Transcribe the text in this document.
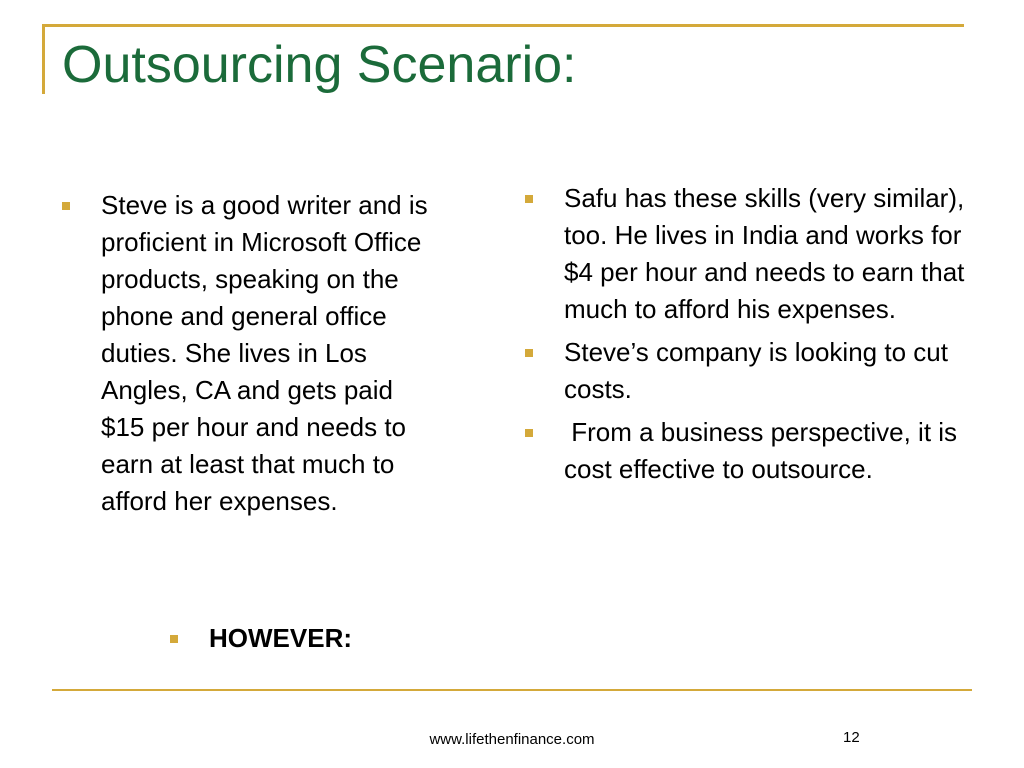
Outsourcing Scenario:
Steve is a good writer and is proficient in Microsoft Office products, speaking on the phone and general office duties. She lives in Los Angles, CA and gets paid $15 per hour and needs to earn at least that much to afford her expenses.
HOWEVER:
Safu has these skills (very similar), too. He lives in India and works for $4 per hour and needs to earn that much to afford his expenses.
Steve’s company is looking to cut costs.
From a business perspective, it is cost effective to outsource.
www.lifethenfinance.com	12
